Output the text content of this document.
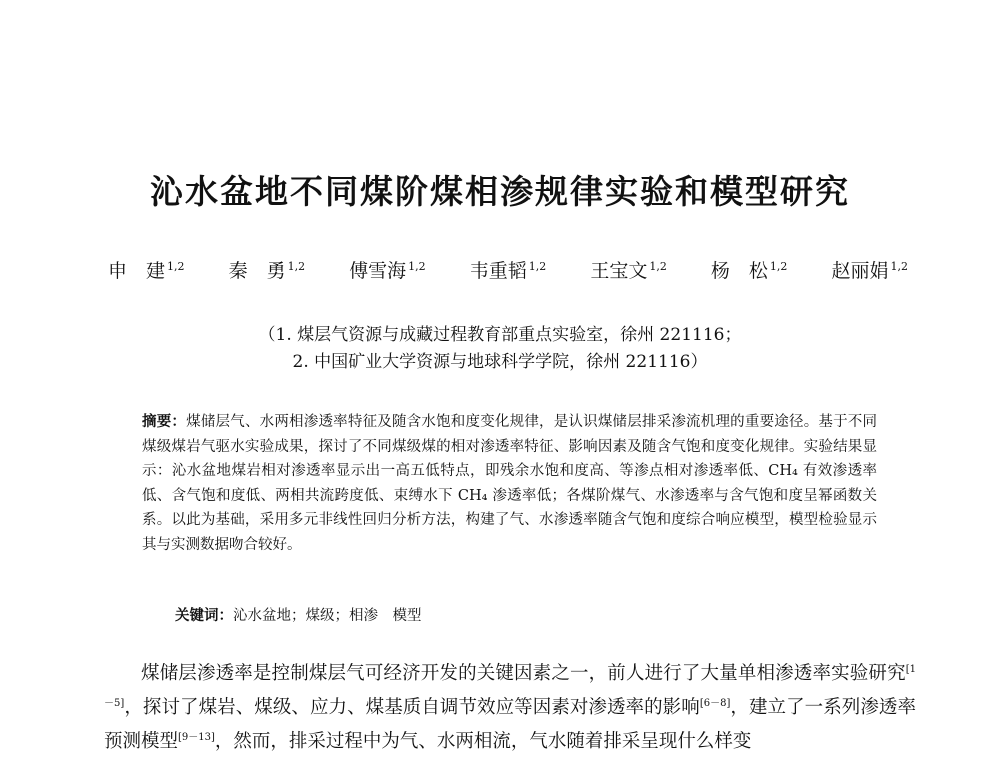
沁水盆地不同煤阶煤相渗规律实验和模型研究
申　建 $^{1,2}$ 秦　勇 $^{1,2}$ 傅雪海 $^{1,2}$ 韦重韬 $^{1,2}$ 王宝文 $^{1,2}$ 杨　松 $^{1,2}$ 赵丽娟 $^{1,2}$
（1. 煤层气资源与成藏过程教育部重点实验室，徐州 221116；
2. 中国矿业大学资源与地球科学学院，徐州 221116）
摘要：煤储层气、水两相渗透率特征及随含水饱和度变化规律，是认识煤储层排采渗流机理的重要途径。基于不同煤级煤岩气驱水实验成果，探讨了不同煤级煤的相对渗透率特征、影响因素及随含气饱和度变化规律。实验结果显示：沁水盆地煤岩相对渗透率显示出一高五低特点，即残余水饱和度高、等渗点相对渗透率低、CH₄ 有效渗透率低、含气饱和度低、两相共流跨度低、束缚水下 CH₄ 渗透率低；各煤阶煤气、水渗透率与含气饱和度呈幂函数关系。以此为基础，采用多元非线性回归分析方法，构建了气、水渗透率随含气饱和度综合响应模型，模型检验显示其与实测数据吻合较好。
关键词：沁水盆地；煤级；相渗　模型
煤储层渗透率是控制煤层气可经济开发的关键因素之一，前人进行了大量单相渗透率实验研究[1－5]，探讨了煤岩、煤级、应力、煤基质自调节效应等因素对渗透率的影响[6－8]，建立了一系列渗透率预测模型[9－13]，然而，排采过程中为气、水两相流，气水随着排采呈现什么样变
